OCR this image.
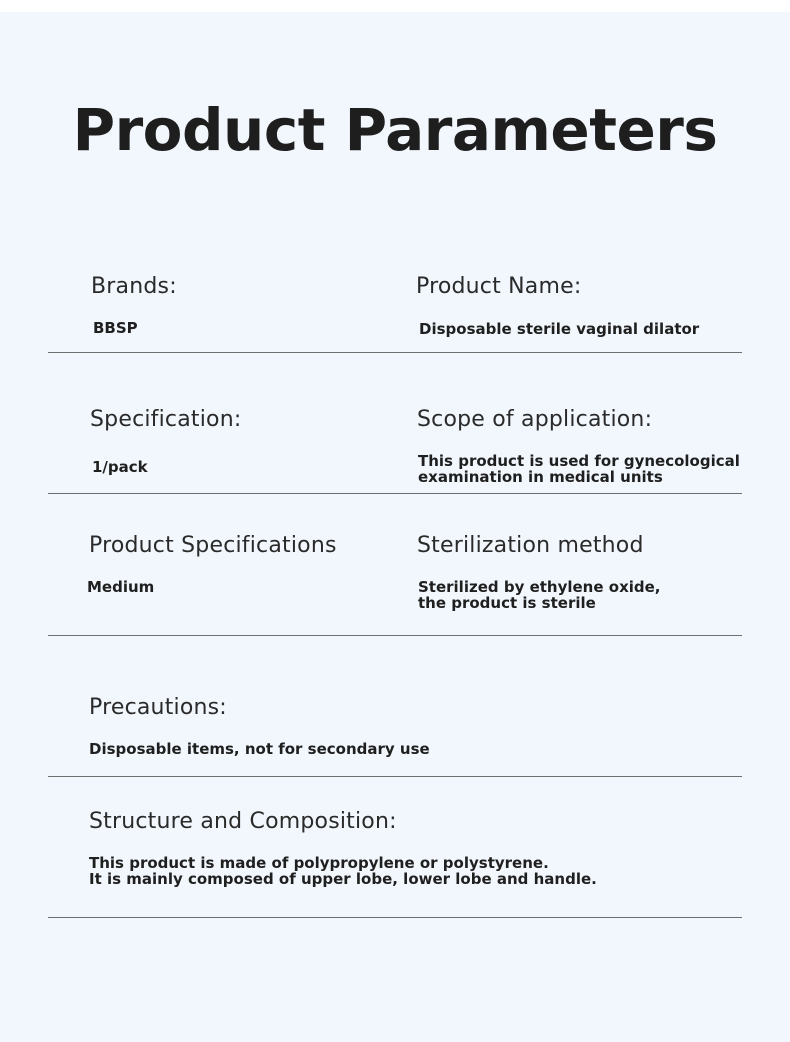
Product Parameters
Brands:
BBSP
Product Name:
Disposable sterile vaginal dilator
Specification:
1/pack
Scope of application:
This product is used for gynecological
examination in medical units
Product Specifications
Medium
Sterilization method
Sterilized by ethylene oxide,
the product is sterile
Precautions:
Disposable items, not for secondary use
Structure and Composition:
This product is made of polypropylene or polystyrene.
It is mainly composed of upper lobe, lower lobe and handle.
